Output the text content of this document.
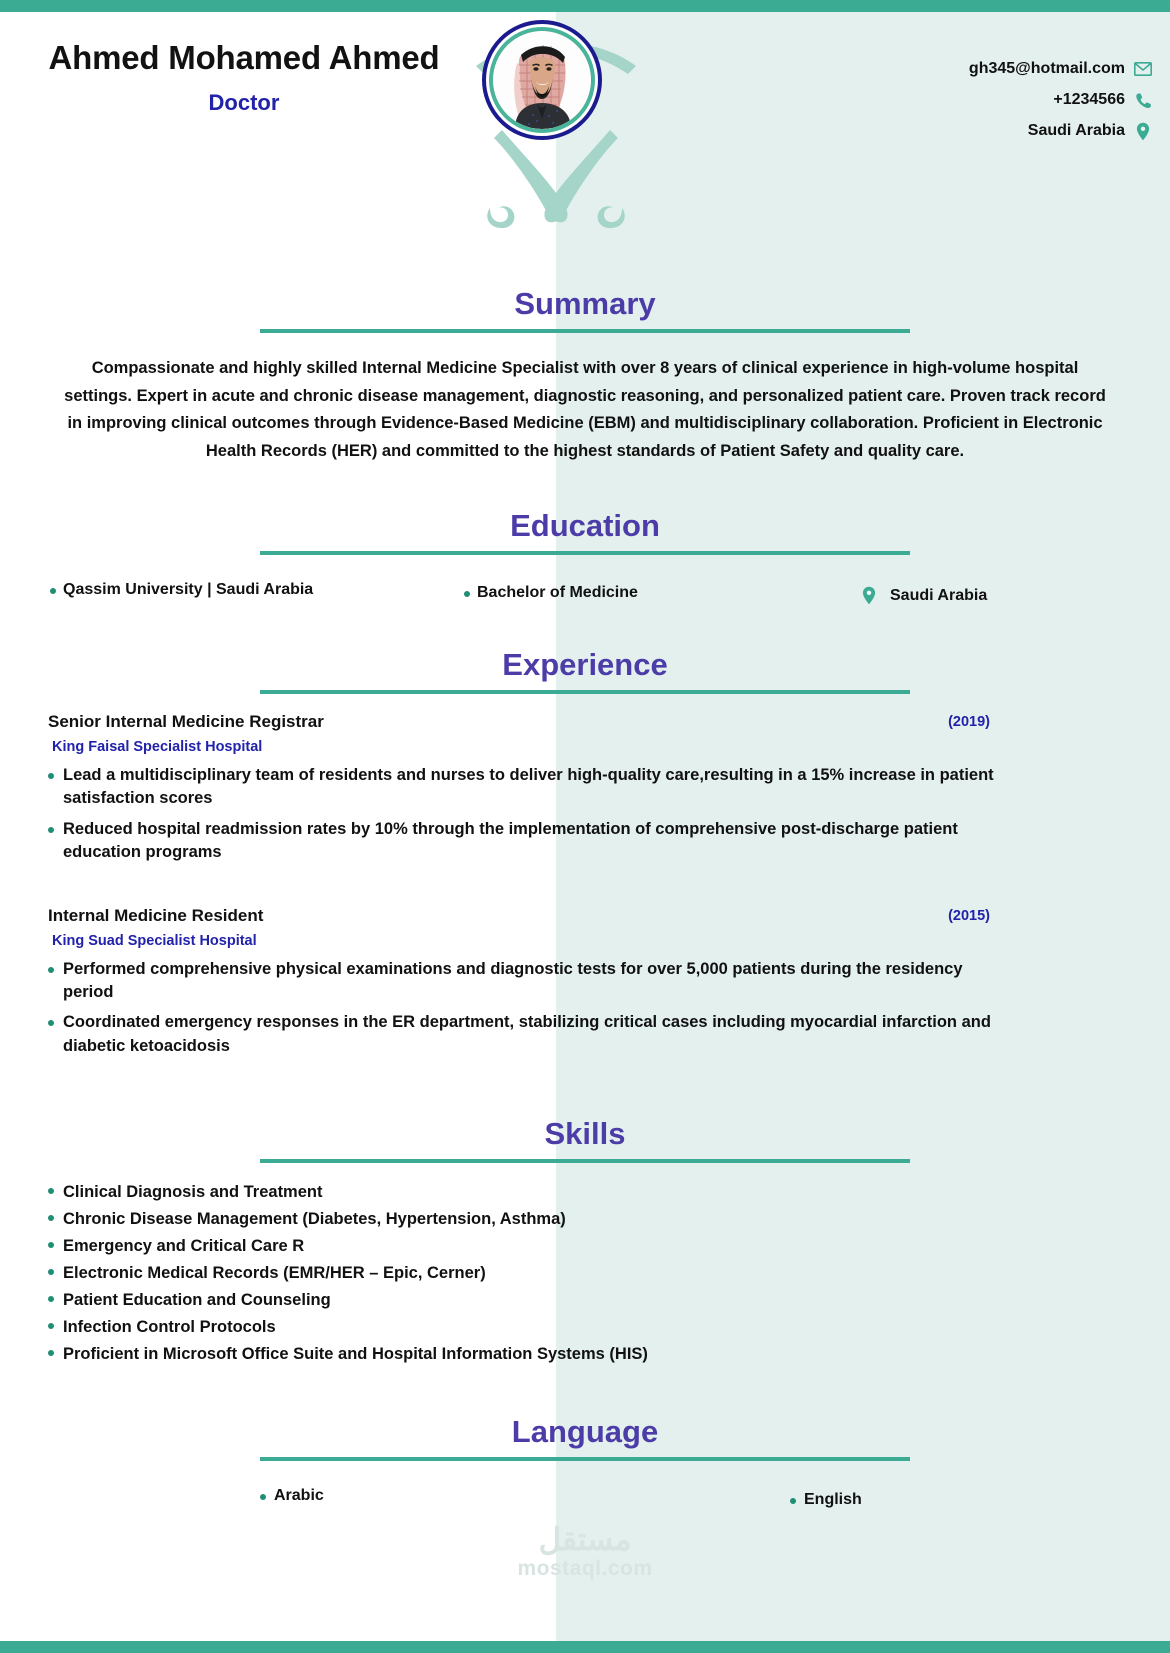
Ahmed Mohamed Ahmed
Doctor
gh345@hotmail.com
+1234566
Saudi Arabia
Summary
Compassionate and highly skilled Internal Medicine Specialist with over 8 years of clinical experience in high-volume hospital settings. Expert in acute and chronic disease management, diagnostic reasoning, and personalized patient care. Proven track record in improving clinical outcomes through Evidence-Based Medicine (EBM) and multidisciplinary collaboration. Proficient in Electronic Health Records (HER) and committed to the highest standards of Patient Safety and quality care.
Education
Qassim University | Saudi Arabia	Bachelor of Medicine	Saudi Arabia
Experience
Senior Internal Medicine Registrar	(2019)
King Faisal Specialist Hospital
Lead a multidisciplinary team of residents and nurses to deliver high-quality care,resulting in a 15% increase in patient satisfaction scores
Reduced hospital readmission rates by 10% through the implementation of comprehensive post-discharge patient education programs
Internal Medicine Resident	(2015)
King Suad Specialist Hospital
Performed comprehensive physical examinations and diagnostic tests for over 5,000 patients during the residency period
Coordinated emergency responses in the ER department, stabilizing critical cases including myocardial infarction and diabetic ketoacidosis
Skills
Clinical Diagnosis and Treatment
Chronic Disease Management (Diabetes, Hypertension, Asthma)
Emergency and Critical Care R
Electronic Medical Records (EMR/HER – Epic, Cerner)
Patient Education and Counseling
Infection Control Protocols
Proficient in Microsoft Office Suite and Hospital Information Systems (HIS)
Language
Arabic	English
مستقل
mostaql.com
